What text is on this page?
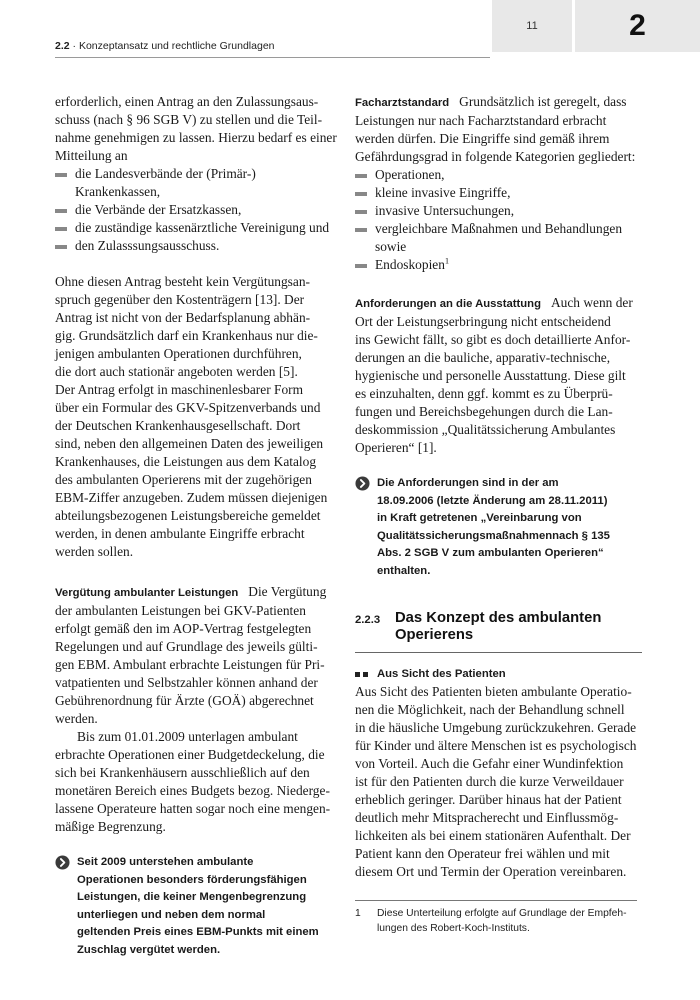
2.2 · Konzeptansatz und rechtliche Grundlagen
11	2

erforderlich, einen Antrag an den Zulassungsaus-
schuss (nach § 96 SGB V) zu stellen und die Teil-
nahme genehmigen zu lassen. Hierzu bedarf es einer
Mitteilung an

die Landesverbände der (Primär-)
Krankenkassen,
die Verbände der Ersatzkassen,
die zuständige kassenärztliche Vereinigung und
den Zulasssungsausschuss.

Ohne diesen Antrag besteht kein Vergütungsan-
spruch gegenüber den Kostenträgern [13]. Der
Antrag ist nicht von der Bedarfsplanung abhän-
gig. Grundsätzlich darf ein Krankenhaus nur die-
jenigen ambulanten Operationen durchführen,
die dort auch stationär angeboten werden [5].
Der Antrag erfolgt in maschinenlesbarer Form
über ein Formular des GKV-Spitzenverbands und
der Deutschen Krankenhausgesellschaft. Dort
sind, neben den allgemeinen Daten des jeweiligen
Krankenhauses, die Leistungen aus dem Katalog
des ambulanten Operierens mit der zugehörigen
EBM-Ziffer anzugeben. Zudem müssen diejenigen
abteilungsbezogenen Leistungsbereiche gemeldet
werden, in denen ambulante Eingriffe erbracht
werden sollen.

Vergütung ambulanter Leistungen Die Vergütung
der ambulanten Leistungen bei GKV-Patienten
erfolgt gemäß den im AOP-Vertrag festgelegten
Regelungen und auf Grundlage des jeweils gülti-
gen EBM. Ambulant erbrachte Leistungen für Pri-
vatpatienten und Selbstzahler können anhand der
Gebührenordnung für Ärzte (GOÄ) abgerechnet
werden.

Bis zum 01.01.2009 unterlagen ambulant
erbrachte Operationen einer Budgetdeckelung, die
sich bei Krankenhäusern ausschließlich auf den
monetären Bereich eines Budgets bezog. Niederge-
lassene Operateure hatten sogar noch eine mengen-
mäßige Begrenzung.

Seit 2009 unterstehen ambulante
Operationen besonders förderungsfähigen
Leistungen, die keiner Mengenbegrenzung
unterliegen und neben dem normal
geltenden Preis eines EBM-Punkts mit einem
Zuschlag vergütet werden.

Facharztstandard Grundsätzlich ist geregelt, dass
Leistungen nur nach Facharztstandard erbracht
werden dürfen. Die Eingriffe sind gemäß ihrem
Gefährdungsgrad in folgende Kategorien gegliedert:

Operationen,
kleine invasive Eingriffe,
invasive Untersuchungen,
vergleichbare Maßnahmen und Behandlungen
sowie
Endoskopien$^1$

Anforderungen an die Ausstattung Auch wenn der
Ort der Leistungserbringung nicht entscheidend
ins Gewicht fällt, so gibt es doch detaillierte Anfor-
derungen an die bauliche, apparativ-technische,
hygienische und personelle Ausstattung. Diese gilt
es einzuhalten, denn ggf. kommt es zu Überprü-
fungen und Bereichsbegehungen durch die Lan-
deskommission „Qualitätssicherung Ambulantes
Operieren“ [1].

Die Anforderungen sind in der am
18.09.2006 (letzte Änderung am 28.11.2011)
in Kraft getretenen „Vereinbarung von
Qualitätssicherungsmaßnahmennach § 135
Abs. 2 SGB V zum ambulanten Operieren“
enthalten.
2.2.3	Das Konzept des ambulanten
Operierens
Aus Sicht des Patienten

Aus Sicht des Patienten bieten ambulante Operatio-
nen die Möglichkeit, nach der Behandlung schnell
in die häusliche Umgebung zurückzukehren. Gerade
für Kinder und ältere Menschen ist es psychologisch
von Vorteil. Auch die Gefahr einer Wundinfektion
ist für den Patienten durch die kurze Verweildauer
erheblich geringer. Darüber hinaus hat der Patient
deutlich mehr Mitspracherecht und Einflussmög-
lichkeiten als bei einem stationären Aufenthalt. Der
Patient kann den Operateur frei wählen und mit
diesem Ort und Termin der Operation vereinbaren.

1	Diese Unterteilung erfolgte auf Grundlage der Empfeh-
lungen des Robert-Koch-Instituts.
